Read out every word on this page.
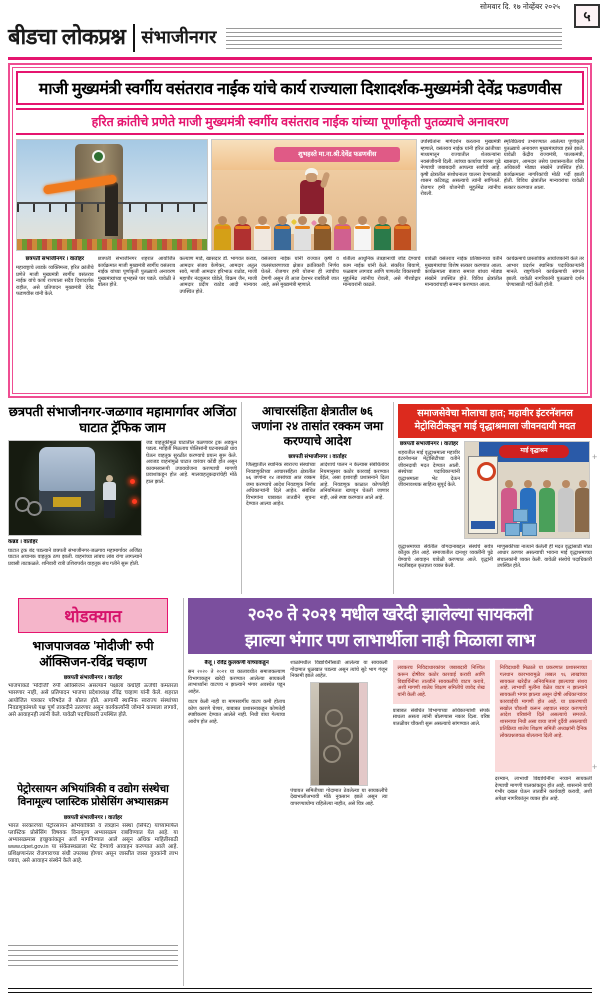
बीडचा लोकप्रश्न संभाजीनगर
सोमवार दि. १७ नोव्हेंबर २०२५
५
माजी मुख्यमंत्री स्वर्गीय वसंतराव नाईक यांचे कार्य राज्याला दिशादर्शक-मुख्यमंत्री देवेंद्र फडणवीस
हरित क्रांतीचे प्रणेते माजी मुख्यमंत्री स्वर्गीय वसंतराव नाईक यांच्या पूर्णाकृती पुतळ्याचे अनावरण
शुभहस्ते मा.ना.श्री.देवेंद्र फडणवीस
उपस्थितांना मार्गदर्शन करताना मुख्यमंत्री म्हणाले, वसंतराव नाईक यांनी हरित क्रांतीच्या माध्यमातून राज्यातील शेतकऱ्यांना नवसंजीवनी दिली. त्यांच्या कार्याचा वारसा पुढे नेण्याची जबाबदारी आपल्या सर्वांची आहे. कृषी क्षेत्रातील संशोधनाला चालना देण्यासाठी शासन कटिबद्ध असल्याचे त्यांनी सांगितले. रोजगार हमी योजनेची मुहूर्तमेढ त्यांनीच रोवली.
स्मृतिप्रित्यर्थ उभारण्यात आलेल्या पूर्णाकृती पुतळ्याचे अनावरण मुख्यमंत्र्यांच्या हस्ते झाले. यावेळी केंद्रीय राज्यमंत्री, पालकमंत्री, खासदार, आमदार तसेच प्रशासनातील वरिष्ठ अधिकारी मोठ्या संख्येने उपस्थित होते. कार्यक्रमाला नागरिकांची मोठी गर्दी झाली होती. विविध क्षेत्रांतील मान्यवरांचा यावेळी सत्कार करण्यात आला.
छत्रपती संभाजीनगर । वार्ताहर
महाराष्ट्राचे लाडके व्यक्तिमत्त्व, हरित क्रांतीचे प्रणेते माजी मुख्यमंत्री स्वर्गीय वसंतराव नाईक यांचे कार्य राज्याला सदैव दिशादर्शक राहील, असे प्रतिपादन मुख्यमंत्री देवेंद्र फडणवीस यांनी केले.
छत्रपती संभाजीनगर शहरात आयोजित कार्यक्रमात माजी मुख्यमंत्री स्वर्गीय वसंतराव नाईक यांच्या पूर्णाकृती पुतळ्याचे अनावरण मुख्यमंत्र्यांच्या शुभहस्ते पार पडले. यावेळी ते बोलत होते.
कल्याण मार्डे, खासदार डॉ. भागवत कराड, आमदार संजय केणेकर, आमदार अतुल सावे, माजी आमदार हरिभाऊ राठोड, माजी महापौर नंदकुमार घोडेले, विक्रम जैन, माजी आमदार प्रदीप राठोड आदी मान्यवर उपस्थित होते.
वसंतराव नाईक यांनी राज्यात कृषी व जलसंधारणाच्या क्षेत्रात क्रांतिकारी निर्णय घेतले. रोजगार हमी योजना ही त्यांचीच देणगी असून ती आज देशभर राबविली जात आहे, असे मुख्यमंत्री म्हणाले.
शेतीला आधुनिक तंत्रज्ञानाची जोड देण्याचे काम नाईक यांनी केले. संकरित बियाणे, फळबाग लागवड आणि पाणलोट विकासाची मुहूर्तमेढ त्यांनीच रोवली, असे गौरवोद्गार मान्यवरांनी काढले.
यावेळी वसंतराव नाईक प्रतिष्ठानच्या वतीने मुख्यमंत्र्यांचा विशेष सत्कार करण्यात आला. कार्यक्रमाला बंजारा समाज बांधव मोठ्या संख्येने उपस्थित होते. विविध क्षेत्रांतील मान्यवरांचाही सन्मान करण्यात आला.
कार्यक्रमाचे प्रास्ताविक आयोजकांनी केले तर आभार प्रदर्शन स्थानिक पदाधिकाऱ्यांनी मानले. राष्ट्रगीताने कार्यक्रमाची सांगता झाली. यावेळी नागरिकांनी पुतळ्याचे दर्शन घेण्यासाठी गर्दी केली होती.
छत्रपती संभाजीनगर-जळगाव महामार्गावर अजिंठा घाटात ट्रॅफिक जाम
कन्नड । वार्ताहर
घाटात ट्रक बंद पडल्याने छत्रपती संभाजीनगर-जळगाव महामार्गावर अजिंठा घाटात अचानक वाहतूक ठप्प झाली. वाहनांच्या लांबच लांब रांगा लागल्याने प्रवासी ताटकळले. शनिवारी रात्री उशिरापर्यंत वाहतूक संथ गतीने सुरू होती.
जड वाहतुकीमुळे घाटातील वळणावर ट्रक अडकून पडला. माहिती मिळताच पोलिसांनी घटनास्थळी धाव घेऊन वाहतूक सुरळीत करण्याचे प्रयत्न सुरू केले. अवजड वाहनांमुळे घाटात वारंवार कोंडी होत असून कायमस्वरूपी उपाययोजना करण्याची मागणी प्रवाशांकडून होत आहे. मालवाहतूकदारांचेही मोठे हाल झाले.
आचारसंहिता क्षेत्रातील ७६ जणांना २४ तासांत रक्कम जमा करण्याचे आदेश
छत्रपती संभाजीनगर । वार्ताहर
जिल्ह्यातील स्थानिक स्वराज्य संस्थांच्या निवडणुकीच्या आचारसंहिता क्षेत्रातील ७६ जणांना २४ तासांच्या आत रक्कम जमा करण्याचे आदेश निवडणूक निर्णय अधिकाऱ्यांनी दिले आहेत. संबंधित विभागांना याबाबत तातडीने सूचना देण्यात आल्या आहेत.
आदेशाचे पालन न केल्यास संबंधितांवर नियमानुसार कठोर कारवाई करण्यात येईल, असा इशाराही प्रशासनाने दिला आहे. निवडणूक काळात कोणतीही अनियमितता खपवून घेतली जाणार नाही, असे स्पष्ट करण्यात आले आहे.
समाजसेवेचा मोलाचा हात; महावीर इंटरनॅशनल मेट्रोसिटीकडून माई वृद्धाश्रमाला जीवनदायी मदत
छत्रपती संभाजीनगर । वार्ताहर
शहरातील माई वृद्धाश्रमाला महावीर इंटरनॅशनल मेट्रोसिटीच्या वतीने जीवनदायी मदत देण्यात आली. संस्थेच्या पदाधिकाऱ्यांनी वृद्धाश्रमाला भेट देऊन जीवनावश्यक साहित्य सुपूर्द केले.
माई वृद्धाश्रम
वृद्धाश्रमाच्या सेवेतील योगदानाबद्दल संस्थेचे सर्वत्र कौतुक होत आहे. समाजातील दानशूर व्यक्तींनी पुढे येण्याचे आवाहन यावेळी करण्यात आले. वृद्धांनी मदतीबद्दल कृतज्ञता व्यक्त केली.
माणुसकीच्या नात्याने केलेली ही मदत वृद्धांसाठी मोठा आधार ठरणार असल्याची भावना माई वृद्धाश्रमाच्या संचालकांनी व्यक्त केली. यावेळी संस्थेचे पदाधिकारी उपस्थित होते.
थोडक्यात
भाजपाजवळ 'मोदीजी' रुपी ऑक्सिजन-रविंद्र चव्हाण
छत्रपती संभाजीनगर । वार्ताहर
भाजपाकडे 'मोदीजी' रुपी ऑक्सिजन असल्याने पक्षाला कधीही ऊर्जेची कमतरता भासणार नाही, असे प्रतिपादन भाजपा प्रदेशाध्यक्ष रविंद्र चव्हाण यांनी केले. शहरात आयोजित पत्रकार परिषदेत ते बोलत होते. आगामी स्थानिक स्वराज्य संस्थांच्या निवडणुकांमध्ये पक्ष पूर्ण ताकदीने उतरणार असून कार्यकर्त्यांनी जोमाने कामाला लागावे, असे आवाहनही त्यांनी केले. यावेळी पदाधिकारी उपस्थित होते.
पेट्रोरसायन अभियांत्रिकी व उद्योग संस्थेचा विनामूल्य प्लास्टिक प्रोसेसिंग अभ्यासक्रम
छत्रपती संभाजीनगर । वार्ताहर
भारत सरकारच्या पेट्रोरसायन अभियांत्रिकी व तंत्रज्ञान संस्था (सिपेट) यांच्यामार्फत प्लास्टिक प्रोसेसिंग विषयक विनामूल्य अभ्यासक्रम राबविण्यात येत आहे. या अभ्यासक्रमास इच्छुकांकडून अर्ज मागविण्यात आले असून अधिक माहितीसाठी www.cipet.gov.in या संकेतस्थळाला भेट देण्याचे आवाहन करण्यात आले आहे. प्रशिक्षणानंतर रोजगाराच्या संधी उपलब्ध होणार असून जास्तीत जास्त युवकांनी लाभ घ्यावा, असे आवाहन संस्थेने केले आहे.
२०२० ते २०२१ मधील खरेदी झालेल्या सायकली
झाल्या भंगार पण लाभार्थीला नाही मिळाला लाभ
बैजू । रविंद्र कुलकर्णी यांच्याकडून
सन २०२० ते २०२१ या कालावधीत समाजकल्याण विभागाकडून खरेदी करण्यात आलेल्या सायकली लाभार्थ्यांना वाटपच न झाल्याने भंगार अवस्थेत पडून आहेत.
वाटप केली नाही वा मागसवर्गीय वाटप कमी होताच कोण कारणे घेणार, याबाबत प्रशासनाकडून कोणतेही स्पष्टीकरण देण्यात आलेले नाही. निधी वाया गेल्याचा आरोप होत आहे.
शाळांमधील विद्यार्थिनींसाठी आलेल्या या सायकली गोदामात धूळखात पडल्या असून त्यांचे सुटे भाग गंजून निकामी झाले आहेत.
पंचायत समितीच्या गोदामात ठेवलेल्या या सायकलींचे देखभालीअभावी मोठे नुकसान झाले असून त्या वापरण्यायोग्य राहिलेल्या नाहीत, असे चित्र आहे.
लवकरच निविदाधारकांवर जबाबदारी निश्चित करून दोषींवर कठोर कारवाई करावी आणि विद्यार्थिनींना तातडीने सायकलींचे वाटप करावे, अशी मागणी शालेय शिक्षण समितीचे जावेद शेख यांनी केली आहे.
याबाबत संबंधित विभागाच्या अधिकाऱ्यांशी संपर्क साधला असता त्यांनी बोलण्यास नकार दिला. वरिष्ठ पातळीवर चौकशी सुरू असल्याचे सांगण्यात आले.
निविदाधारी मिळाले या प्रकरणात प्रशासनाच्या गलथान कारभारामुळे तब्बल ९६ लाखांच्या सायकल खरेदीत अनियमितता झाल्याचा संशय आहे. लाभार्थी मुलींना वेळेत वाटप न झाल्याने सायकली भंगार झाल्या असून दोषी अधिकाऱ्यांवर कारवाईची मागणी होत आहे. या प्रकरणाची सखोल चौकशी करून अहवाल सादर करण्याचे आदेश वरिष्ठांनी दिले असल्याचे समजते. शासनाचा निधी असा वाया जाणे दुर्दैवी असल्याची प्रतिक्रिया शालेय शिक्षण समिती अध्यक्षांनी दैनिक लोकप्रश्नजवळ बोलताना दिली आहे.
दरम्यान, लाभार्थी विद्यार्थिनींना नव्याने सायकली देण्याची मागणी पालकांकडून होत आहे. शासनाने याची गंभीर दखल घेऊन तातडीने कार्यवाही करावी, अशी अपेक्षा नागरिकांतून व्यक्त होत आहे.
+
+
